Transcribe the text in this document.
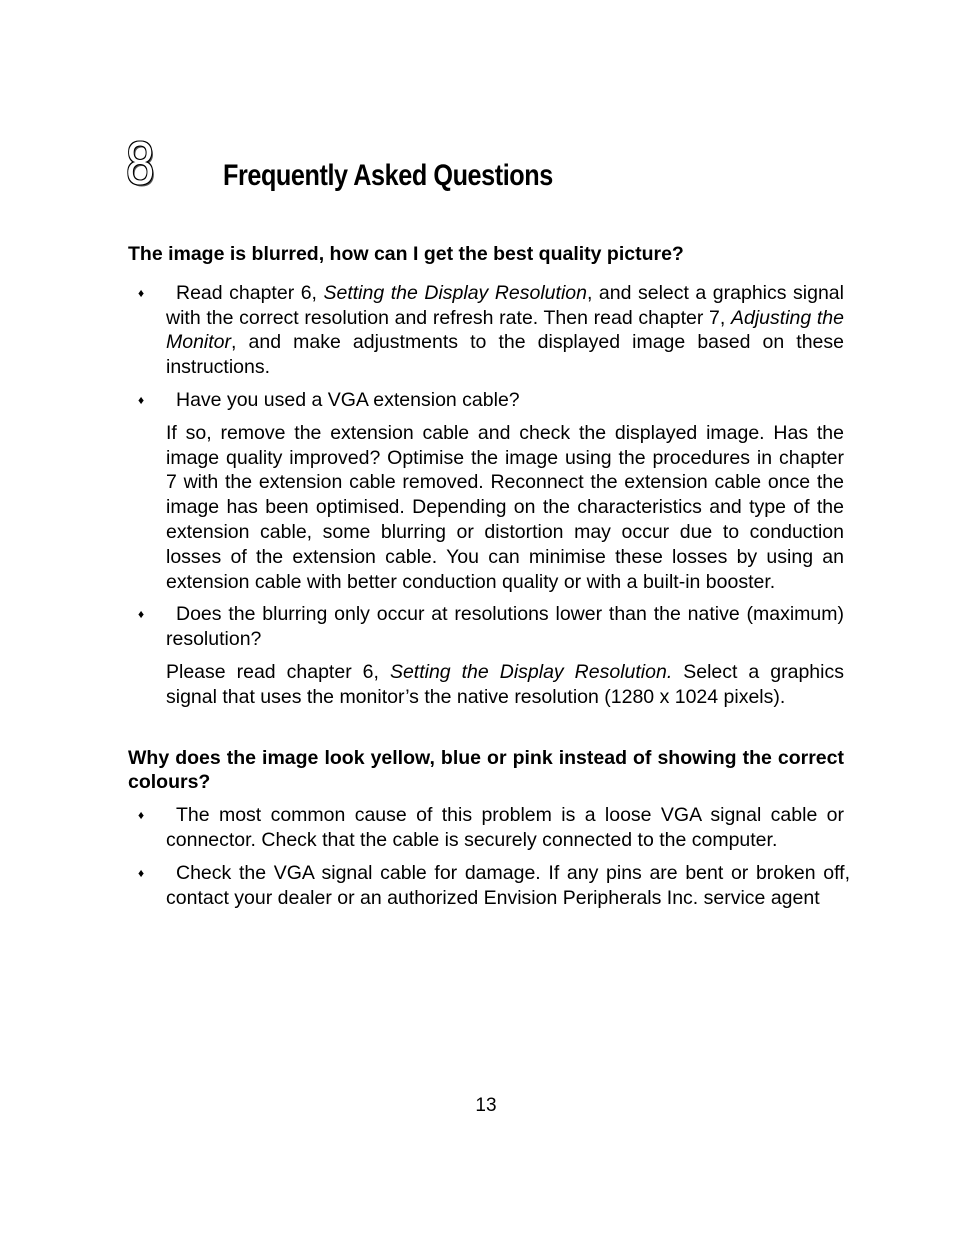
8 Frequently Asked Questions

The image is blurred, how can I get the best quality picture?

♦	Read chapter 6, Setting the Display Resolution, and select a graphics signal with the correct resolution and refresh rate. Then read chapter 7, Adjusting the Monitor, and make adjustments to the displayed image based on these instructions.

♦	Have you used a VGA extension cable?

If so, remove the extension cable and check the displayed image. Has the image quality improved? Optimise the image using the procedures in chapter 7 with the extension cable removed. Reconnect the extension cable once the image has been optimised. Depending on the characteristics and type of the extension cable, some blurring or distortion may occur due to conduction losses of the extension cable. You can minimise these losses by using an extension cable with better conduction quality or with a built-in booster.

♦	Does the blurring only occur at resolutions lower than the native (maximum) resolution?

Please read chapter 6, Setting the Display Resolution. Select a graphics signal that uses the monitor’s the native resolution (1280 x 1024 pixels).

Why does the image look yellow, blue or pink instead of showing the correct colours?

♦	The most common cause of this problem is a loose VGA signal cable or connector. Check that the cable is securely connected to the computer.

♦	Check the VGA signal cable for damage. If any pins are bent or broken off, contact your dealer or an authorized Envision Peripherals Inc. service agent

13
